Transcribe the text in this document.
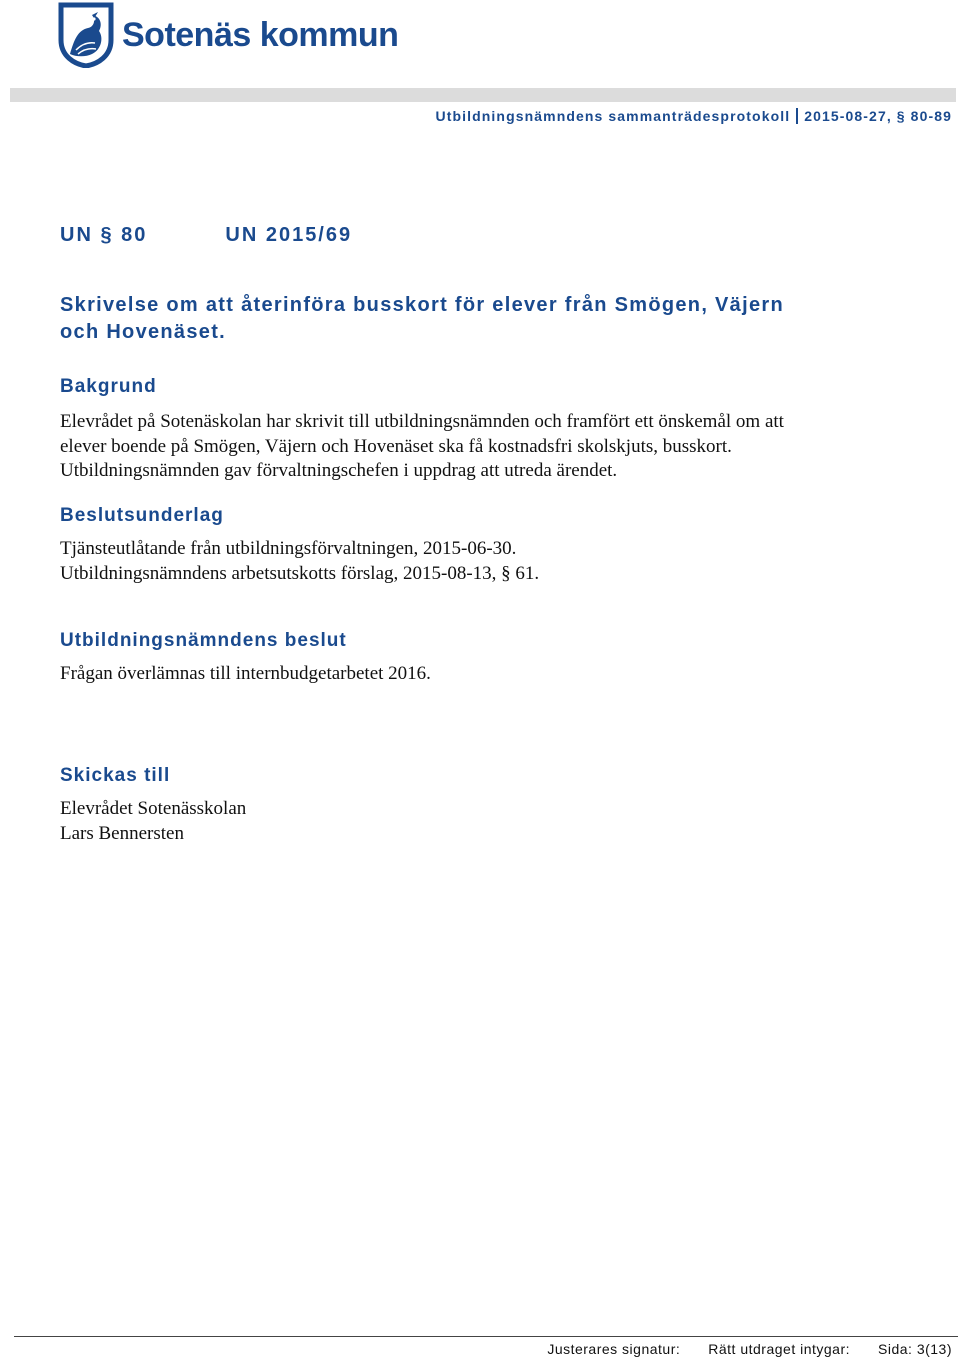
Sotenäs kommun
Utbildningsnämndens sammanträdesprotokoll 2015-08-27, § 80-89
UN § 80	UN 2015/69
Skrivelse om att återinföra busskort för elever från Smögen, Väjern
och Hovenäset.
Bakgrund
Elevrådet på Sotenäskolan har skrivit till utbildningsnämnden och framfört ett önskemål om att
elever boende på Smögen, Väjern och Hovenäset ska få kostnadsfri skolskjuts, busskort.
Utbildningsnämnden gav förvaltningschefen i uppdrag att utreda ärendet.
Beslutsunderlag
Tjänsteutlåtande från utbildningsförvaltningen, 2015-06-30.
Utbildningsnämndens arbetsutskotts förslag, 2015-08-13, § 61.
Utbildningsnämndens beslut
Frågan överlämnas till internbudgetarbetet 2016.
Skickas till
Elevrådet Sotenässkolan
Lars Bennersten
Justerares signatur: Rätt utdraget intygar: Sida: 3(13)
